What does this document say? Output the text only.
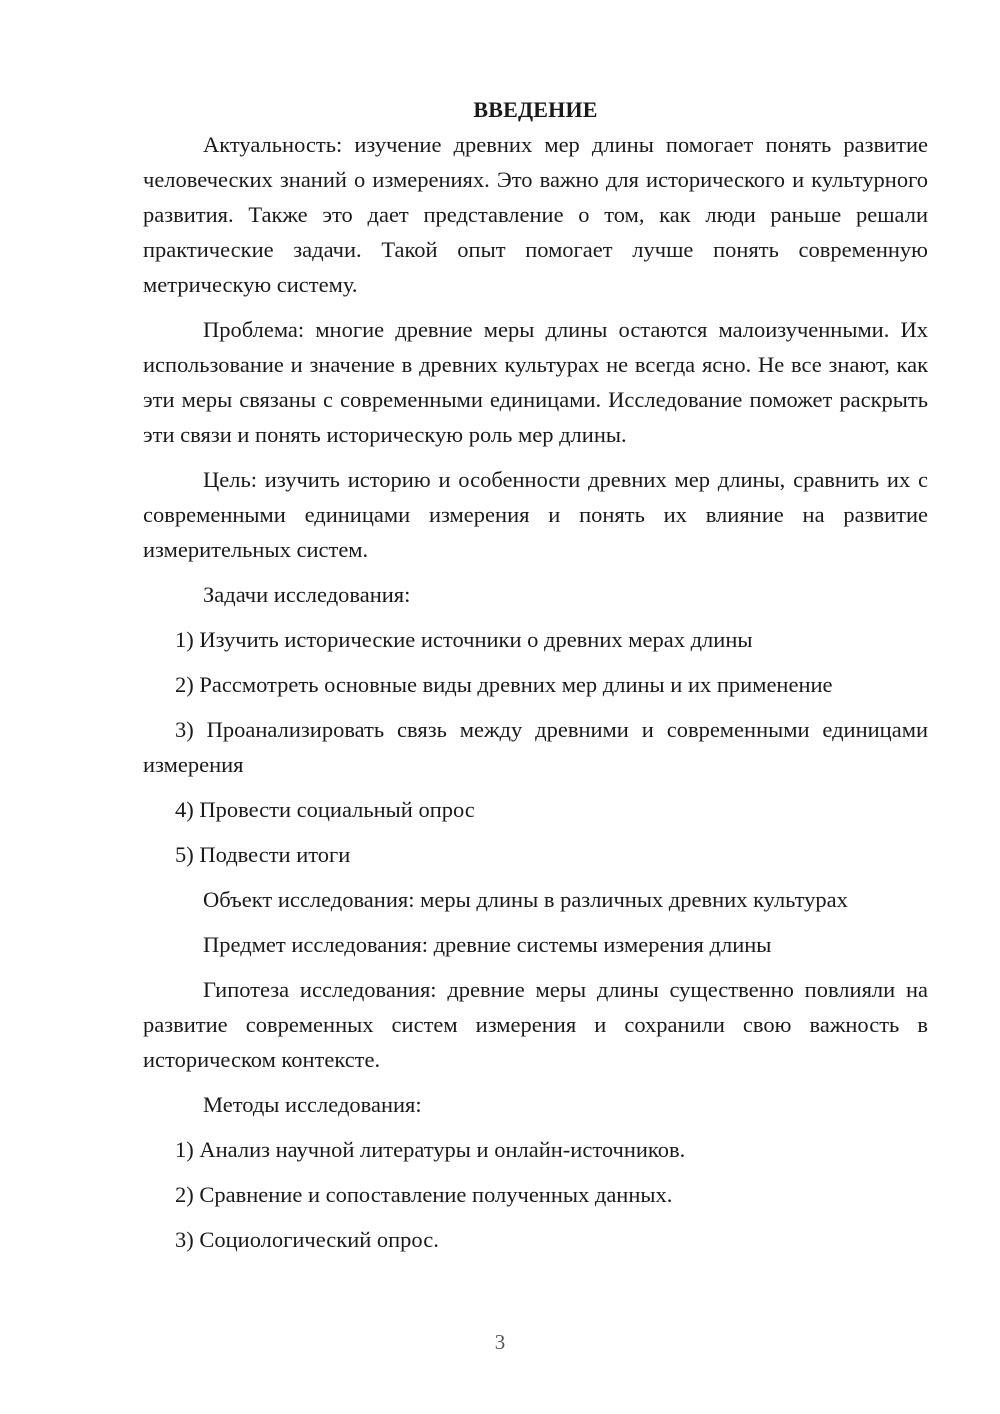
ВВЕДЕНИЕ

Актуальность: изучение древних мер длины помогает понять развитие человеческих знаний о измерениях. Это важно для исторического и культурного развития. Также это дает представление о том, как люди раньше решали практические задачи. Такой опыт помогает лучше понять современную метрическую систему.

Проблема: многие древние меры длины остаются малоизученными. Их использование и значение в древних культурах не всегда ясно. Не все знают, как эти меры связаны с современными единицами. Исследование поможет раскрыть эти связи и понять историческую роль мер длины.

Цель: изучить историю и особенности древних мер длины, сравнить их с современными единицами измерения и понять их влияние на развитие измерительных систем.

Задачи исследования:

1) Изучить исторические источники о древних мерах длины

2) Рассмотреть основные виды древних мер длины и их применение

3) Проанализировать связь между древними и современными единицами измерения

4) Провести социальный опрос

5) Подвести итоги

Объект исследования: меры длины в различных древних культурах

Предмет исследования: древние системы измерения длины

Гипотеза исследования: древние меры длины существенно повлияли на развитие современных систем измерения и сохранили свою важность в историческом контексте.

Методы исследования:

1) Анализ научной литературы и онлайн-источников.

2) Сравнение и сопоставление полученных данных.

3) Социологический опрос.

3
